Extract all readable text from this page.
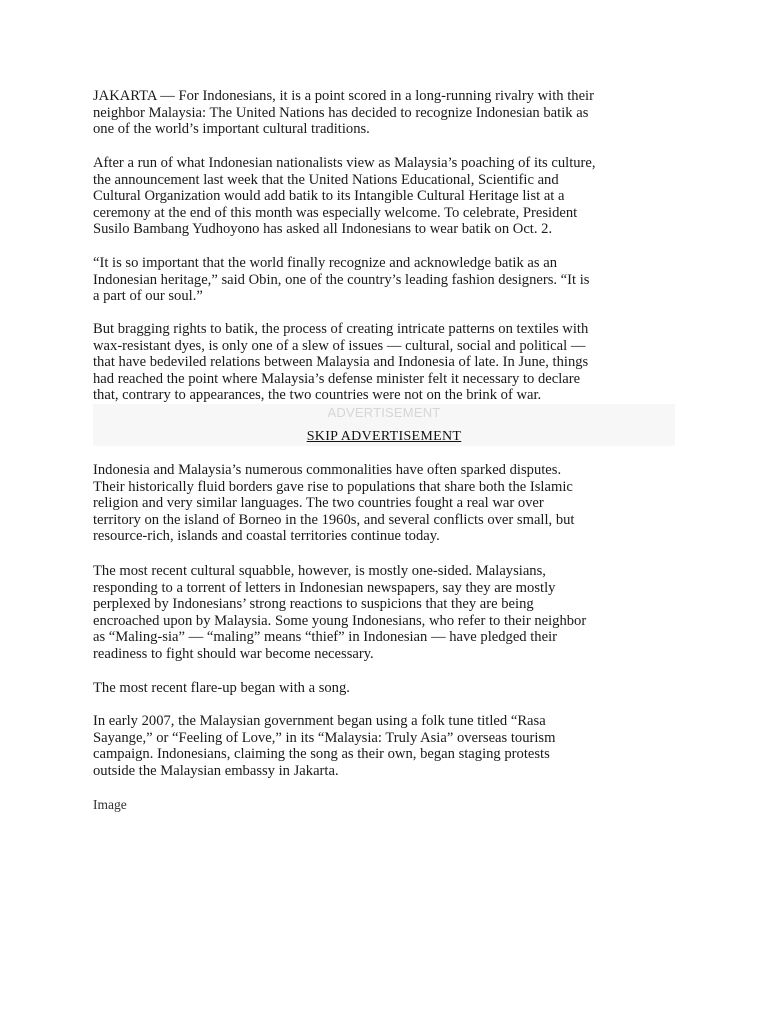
JAKARTA — For Indonesians, it is a point scored in a long-running rivalry with their
neighbor Malaysia: The United Nations has decided to recognize Indonesian batik as
one of the world’s important cultural traditions.
After a run of what Indonesian nationalists view as Malaysia’s poaching of its culture,
the announcement last week that the United Nations Educational, Scientific and
Cultural Organization would add batik to its Intangible Cultural Heritage list at a
ceremony at the end of this month was especially welcome. To celebrate, President
Susilo Bambang Yudhoyono has asked all Indonesians to wear batik on Oct. 2.
“It is so important that the world finally recognize and acknowledge batik as an
Indonesian heritage,” said Obin, one of the country’s leading fashion designers. “It is
a part of our soul.”
But bragging rights to batik, the process of creating intricate patterns on textiles with
wax-resistant dyes, is only one of a slew of issues — cultural, social and political —
that have bedeviled relations between Malaysia and Indonesia of late. In June, things
had reached the point where Malaysia’s defense minister felt it necessary to declare
that, contrary to appearances, the two countries were not on the brink of war.
ADVERTISEMENT
SKIP ADVERTISEMENT
Indonesia and Malaysia’s numerous commonalities have often sparked disputes.
Their historically fluid borders gave rise to populations that share both the Islamic
religion and very similar languages. The two countries fought a real war over
territory on the island of Borneo in the 1960s, and several conflicts over small, but
resource-rich, islands and coastal territories continue today.
The most recent cultural squabble, however, is mostly one-sided. Malaysians,
responding to a torrent of letters in Indonesian newspapers, say they are mostly
perplexed by Indonesians’ strong reactions to suspicions that they are being
encroached upon by Malaysia. Some young Indonesians, who refer to their neighbor
as “Maling-sia” — “maling” means “thief” in Indonesian — have pledged their
readiness to fight should war become necessary.
The most recent flare-up began with a song.
In early 2007, the Malaysian government began using a folk tune titled “Rasa
Sayange,” or “Feeling of Love,” in its “Malaysia: Truly Asia” overseas tourism
campaign. Indonesians, claiming the song as their own, began staging protests
outside the Malaysian embassy in Jakarta.
Image
